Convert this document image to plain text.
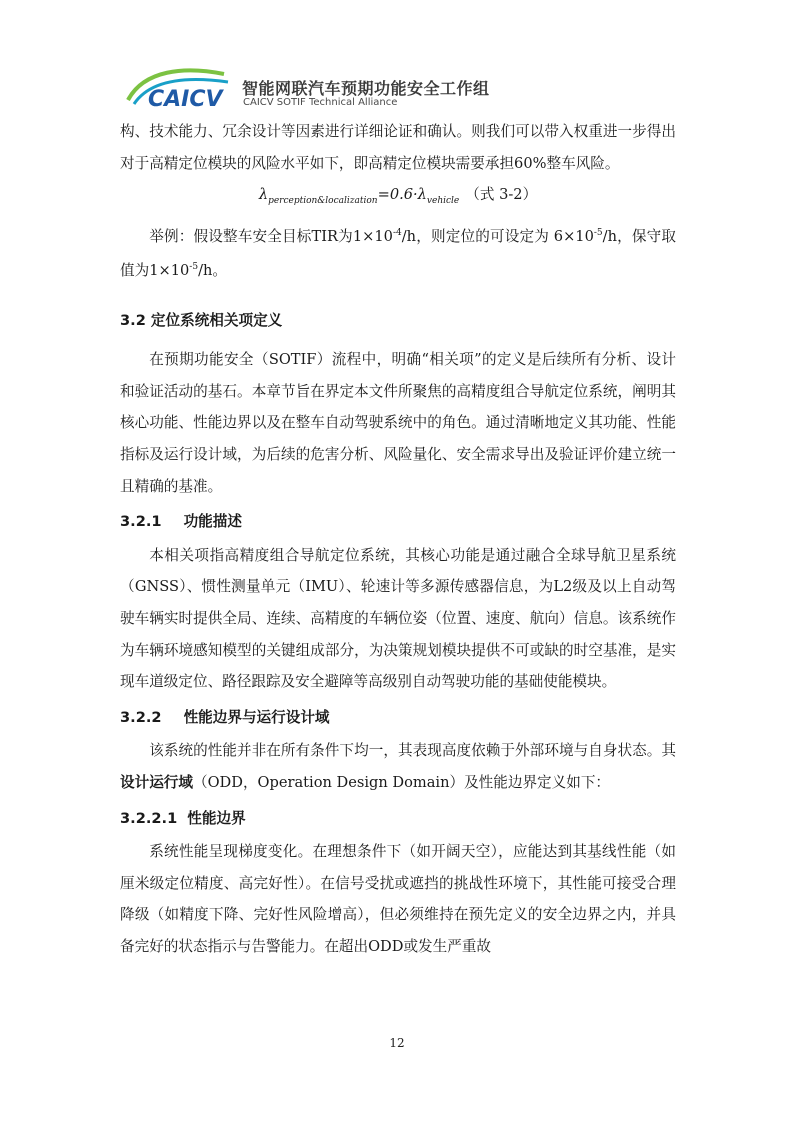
CAICV 智能网联汽车预期功能安全工作组
CAICV SOTIF Technical Alliance

构、技术能力、冗余设计等因素进行详细论证和确认。则我们可以带入权重进一步得出对于高精定位模块的风险水平如下，即高精定位模块需要承担60%整车风险。

$\lambda_{perception\&localization}=0.6\cdot\lambda_{vehicle}$ （式 3-2）

举例：假设整车安全目标TIR为$1\times 10^{-4}/h$，则定位的可设定为 $6\times 10^{-5}/h$，保守取值为$1\times 10^{-5}/h$。

3.2 定位系统相关项定义

在预期功能安全（SOTIF）流程中，明确“相关项”的定义是后续所有分析、设计和验证活动的基石。本章节旨在界定本文件所聚焦的高精度组合导航定位系统，阐明其核心功能、性能边界以及在整车自动驾驶系统中的角色。通过清晰地定义其功能、性能指标及运行设计域，为后续的危害分析、风险量化、安全需求导出及验证评价建立统一且精确的基准。

3.2.1 功能描述

本相关项指高精度组合导航定位系统，其核心功能是通过融合全球导航卫星系统（GNSS）、惯性测量单元（IMU）、轮速计等多源传感器信息，为L2级及以上自动驾驶车辆实时提供全局、连续、高精度的车辆位姿（位置、速度、航向）信息。该系统作为车辆环境感知模型的关键组成部分，为决策规划模块提供不可或缺的时空基准，是实现车道级定位、路径跟踪及安全避障等高级别自动驾驶功能的基础使能模块。

3.2.2 性能边界与运行设计域

该系统的性能并非在所有条件下均一，其表现高度依赖于外部环境与自身状态。其设计运行域（ODD，Operation Design Domain）及性能边界定义如下：

3.2.2.1 性能边界

系统性能呈现梯度变化。在理想条件下（如开阔天空），应能达到其基线性能（如厘米级定位精度、高完好性）。在信号受扰或遮挡的挑战性环境下，其性能可接受合理降级（如精度下降、完好性风险增高），但必须维持在预先定义的安全边界之内，并具备完好的状态指示与告警能力。在超出ODD或发生严重故

12
